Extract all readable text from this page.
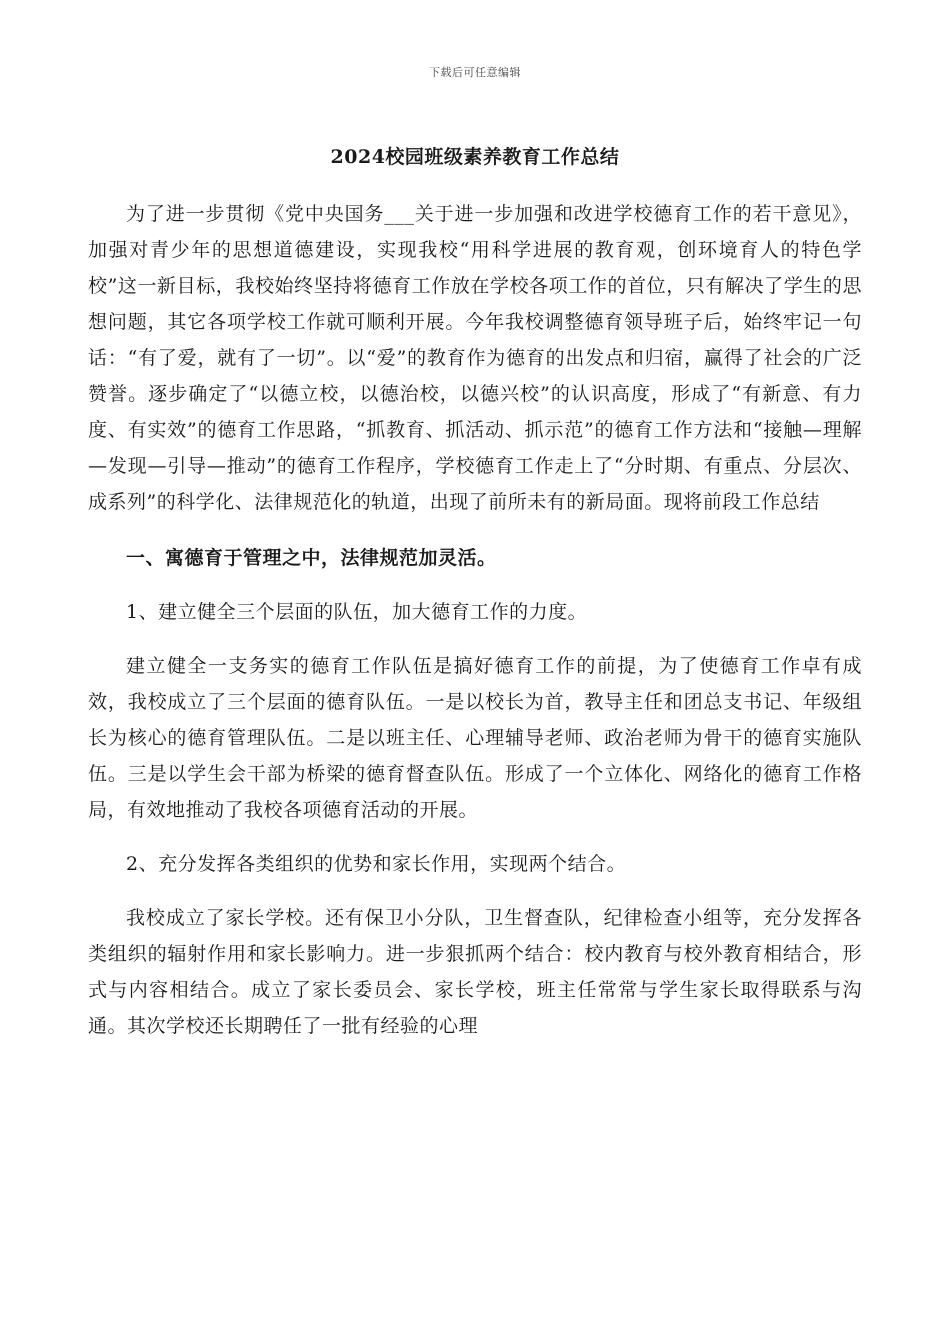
下载后可任意编辑
2024校园班级素养教育工作总结

为了进一步贯彻《党中央国务___关于进一步加强和改进学校德育工作的若干意见》，加强对青少年的思想道德建设，实现我校“用科学进展的教育观，创环境育人的特色学校”这一新目标，我校始终坚持将德育工作放在学校各项工作的首位，只有解决了学生的思想问题，其它各项学校工作就可顺利开展。今年我校调整德育领导班子后，始终牢记一句话：“有了爱，就有了一切”。以“爱”的教育作为德育的出发点和归宿，赢得了社会的广泛赞誉。逐步确定了“以德立校，以德治校，以德兴校”的认识高度，形成了“有新意、有力度、有实效”的德育工作思路，“抓教育、抓活动、抓示范”的德育工作方法和“接触—理解—发现—引导—推动”的德育工作程序，学校德育工作走上了“分时期、有重点、分层次、成系列”的科学化、法律规范化的轨道，出现了前所未有的新局面。现将前段工作总结

一、寓德育于管理之中，法律规范加灵活。

1、建立健全三个层面的队伍，加大德育工作的力度。

建立健全一支务实的德育工作队伍是搞好德育工作的前提，为了使德育工作卓有成效，我校成立了三个层面的德育队伍。一是以校长为首，教导主任和团总支书记、年级组长为核心的德育管理队伍。二是以班主任、心理辅导老师、政治老师为骨干的德育实施队伍。三是以学生会干部为桥梁的德育督查队伍。形成了一个立体化、网络化的德育工作格局，有效地推动了我校各项德育活动的开展。

2、充分发挥各类组织的优势和家长作用，实现两个结合。

我校成立了家长学校。还有保卫小分队，卫生督查队，纪律检查小组等，充分发挥各类组织的辐射作用和家长影响力。进一步狠抓两个结合：校内教育与校外教育相结合，形式与内容相结合。成立了家长委员会、家长学校，班主任常常与学生家长取得联系与沟通。其次学校还长期聘任了一批有经验的心理
